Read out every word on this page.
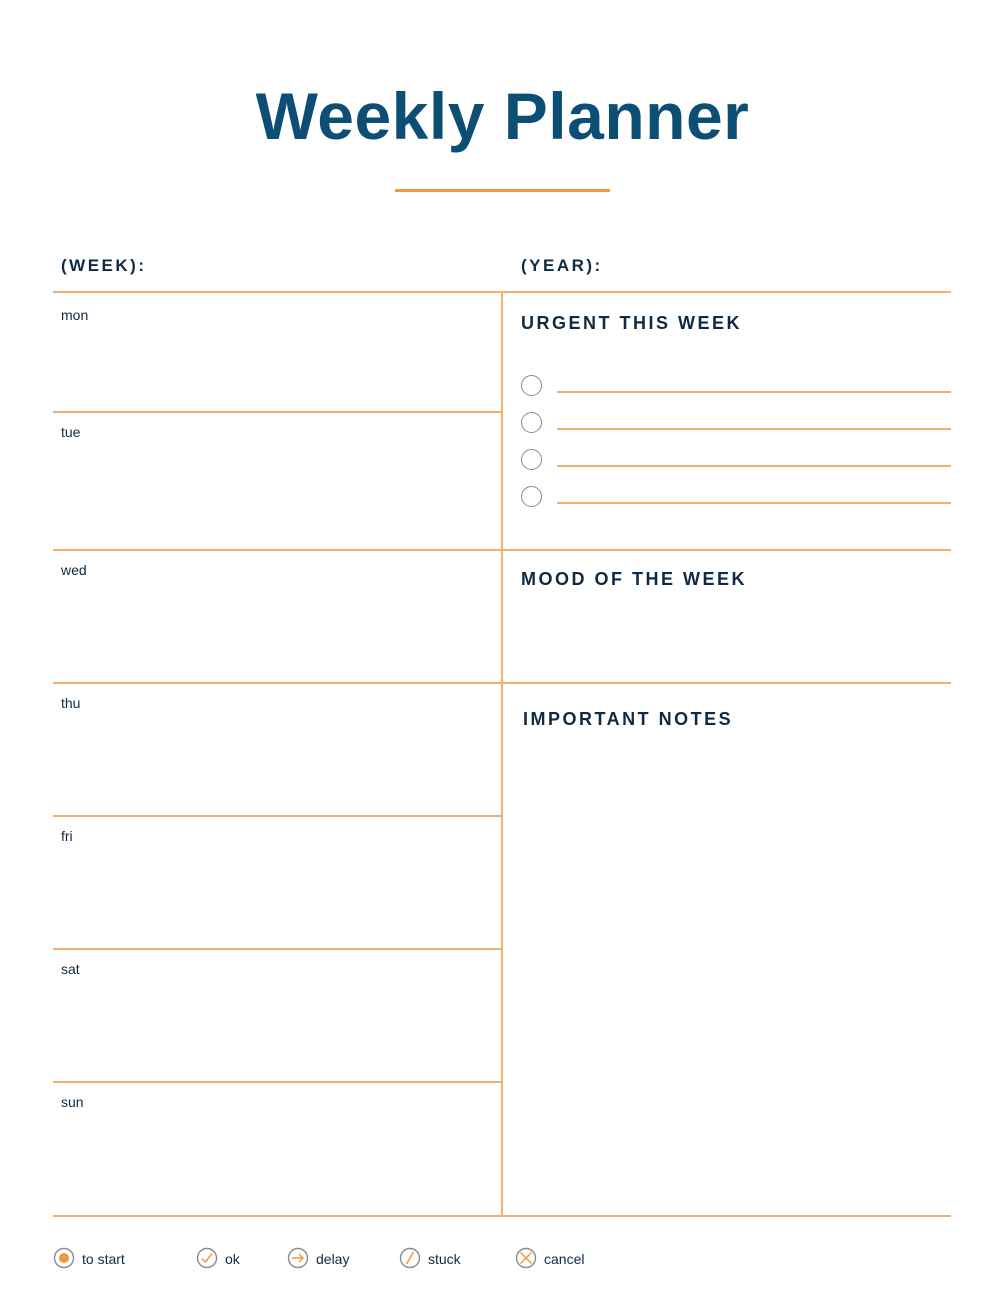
Weekly Planner
(WEEK):	(YEAR):
mon
tue
wed
thu
fri
sat
sun
URGENT THIS WEEK
MOOD OF THE WEEK
IMPORTANT NOTES
to start	ok	delay	stuck	cancel
